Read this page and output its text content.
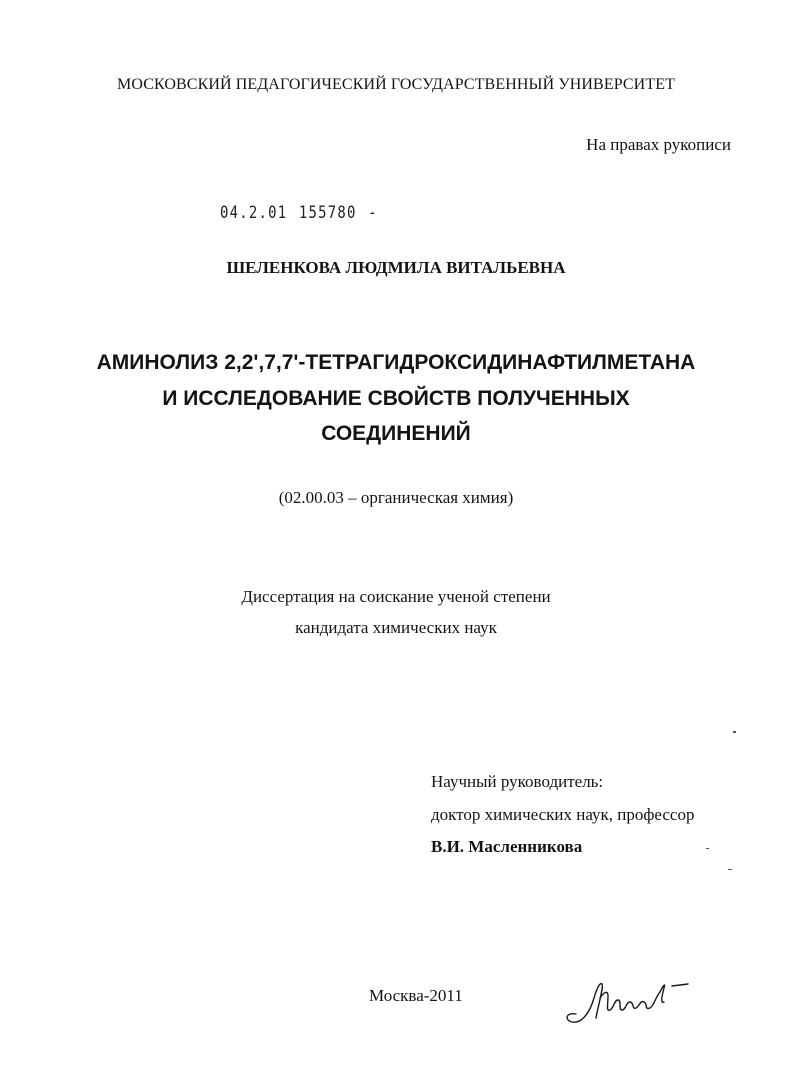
МОСКОВСКИЙ ПЕДАГОГИЧЕСКИЙ ГОСУДАРСТВЕННЫЙ УНИВЕРСИТЕТ
На правах рукописи
04.2.01 155780 -
ШЕЛЕНКОВА ЛЮДМИЛА ВИТАЛЬЕВНА
АМИНОЛИЗ 2,2',7,7'-ТЕТРАГИДРОКСИДИНАФТИЛМЕТАНА
И ИССЛЕДОВАНИЕ СВОЙСТВ ПОЛУЧЕННЫХ
СОЕДИНЕНИЙ
(02.00.03 – органическая химия)
Диссертация на соискание ученой степени
кандидата химических наук
Научный руководитель:
доктор химических наук, профессор
В.И. Масленникова
Москва-2011
